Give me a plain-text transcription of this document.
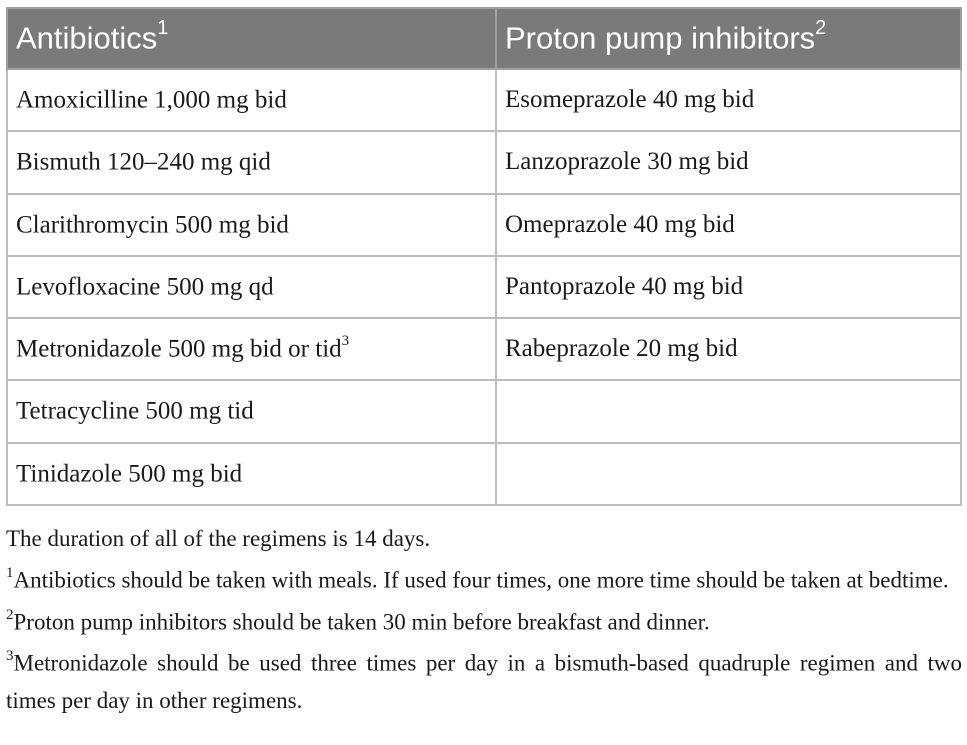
Antibiotics$^1$	Proton pump inhibitors$^2$
Amoxicilline 1,000 mg bid	Esomeprazole 40 mg bid
Bismuth 120–240 mg qid	Lanzoprazole 30 mg bid
Clarithromycin 500 mg bid	Omeprazole 40 mg bid
Levofloxacine 500 mg qd	Pantoprazole 40 mg bid
Metronidazole 500 mg bid or tid$^3$	Rabeprazole 20 mg bid
Tetracycline 500 mg tid	
Tinidazole 500 mg bid	

The duration of all of the regimens is 14 days.

$^1$Antibiotics should be taken with meals. If used four times, one more time should be taken at bedtime.

$^2$Proton pump inhibitors should be taken 30 min before breakfast and dinner.

$^3$Metronidazole should be used three times per day in a bismuth-based quadruple regimen and two times per day in other regimens.
